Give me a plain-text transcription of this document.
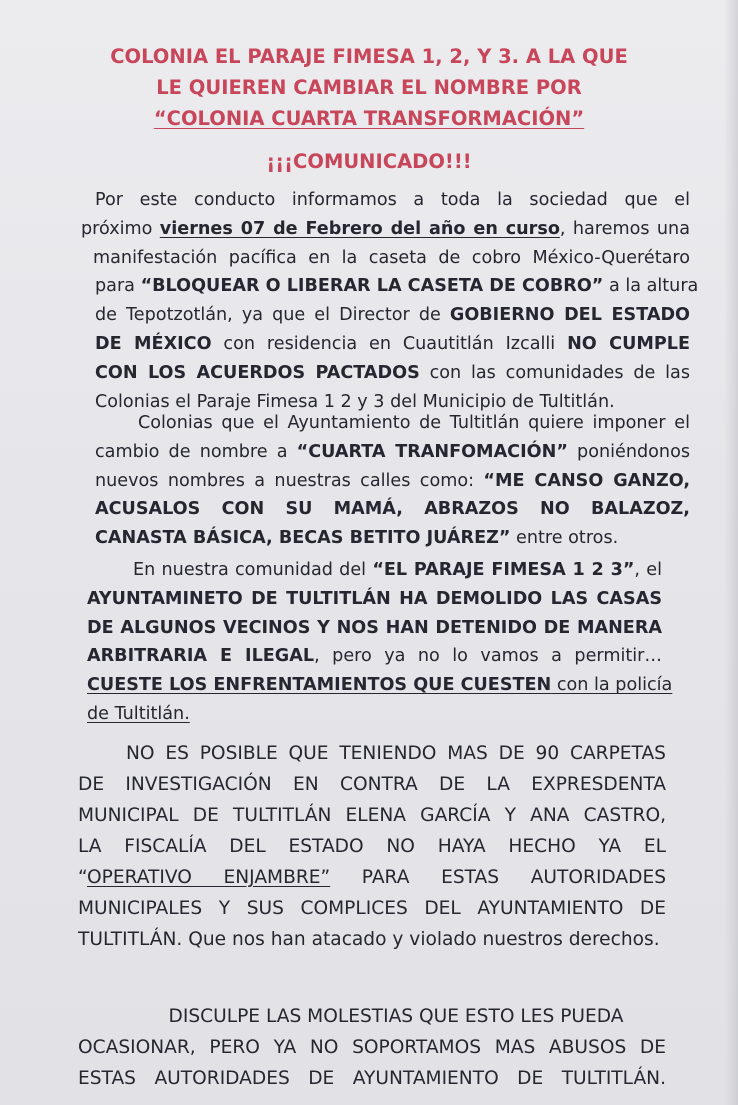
COLONIA EL PARAJE FIMESA 1, 2, Y 3. A LA QUE
LE QUIEREN CAMBIAR EL NOMBRE POR
“COLONIA CUARTA TRANSFORMACIÓN”
¡¡¡COMUNICADO!!!
Por este conducto informamos a toda la sociedad que el
próximo viernes 07 de Febrero del año en curso, haremos una
manifestación pacífica en la caseta de cobro México-Querétaro
para “BLOQUEAR O LIBERAR LA CASETA DE COBRO” a la altura
de Tepotzotlán, ya que el Director de GOBIERNO DEL ESTADO
DE MÉXICO con residencia en Cuautitlán Izcalli NO CUMPLE
CON LOS ACUERDOS PACTADOS con las comunidades de las
Colonias el Paraje Fimesa 1 2 y 3 del Municipio de Tultitlán.
Colonias que el Ayuntamiento de Tultitlán quiere imponer el
cambio de nombre a “CUARTA TRANFOMACIÓN” poniéndonos
nuevos nombres a nuestras calles como: “ME CANSO GANZO,
ACUSALOS CON SU MAMÁ, ABRAZOS NO BALAZOZ,
CANASTA BÁSICA, BECAS BETITO JUÁREZ” entre otros.
En nuestra comunidad del “EL PARAJE FIMESA 1 2 3”, el
AYUNTAMINETO DE TULTITLÁN HA DEMOLIDO LAS CASAS
DE ALGUNOS VECINOS Y NOS HAN DETENIDO DE MANERA
ARBITRARIA E ILEGAL, pero ya no lo vamos a permitir…
CUESTE LOS ENFRENTAMIENTOS QUE CUESTEN con la policía
de Tultitlán.
NO ES POSIBLE QUE TENIENDO MAS DE 90 CARPETAS
DE INVESTIGACIÓN EN CONTRA DE LA EXPRESDENTA
MUNICIPAL DE TULTITLÁN ELENA GARCÍA Y ANA CASTRO,
LA FISCALÍA DEL ESTADO NO HAYA HECHO YA EL
“OPERATIVO ENJAMBRE” PARA ESTAS AUTORIDADES
MUNICIPALES Y SUS COMPLICES DEL AYUNTAMIENTO DE
TULTITLÁN. Que nos han atacado y violado nuestros derechos.
DISCULPE LAS MOLESTIAS QUE ESTO LES PUEDA
OCASIONAR, PERO YA NO SOPORTAMOS MAS ABUSOS DE
ESTAS AUTORIDADES DE AYUNTAMIENTO DE TULTITLÁN.
